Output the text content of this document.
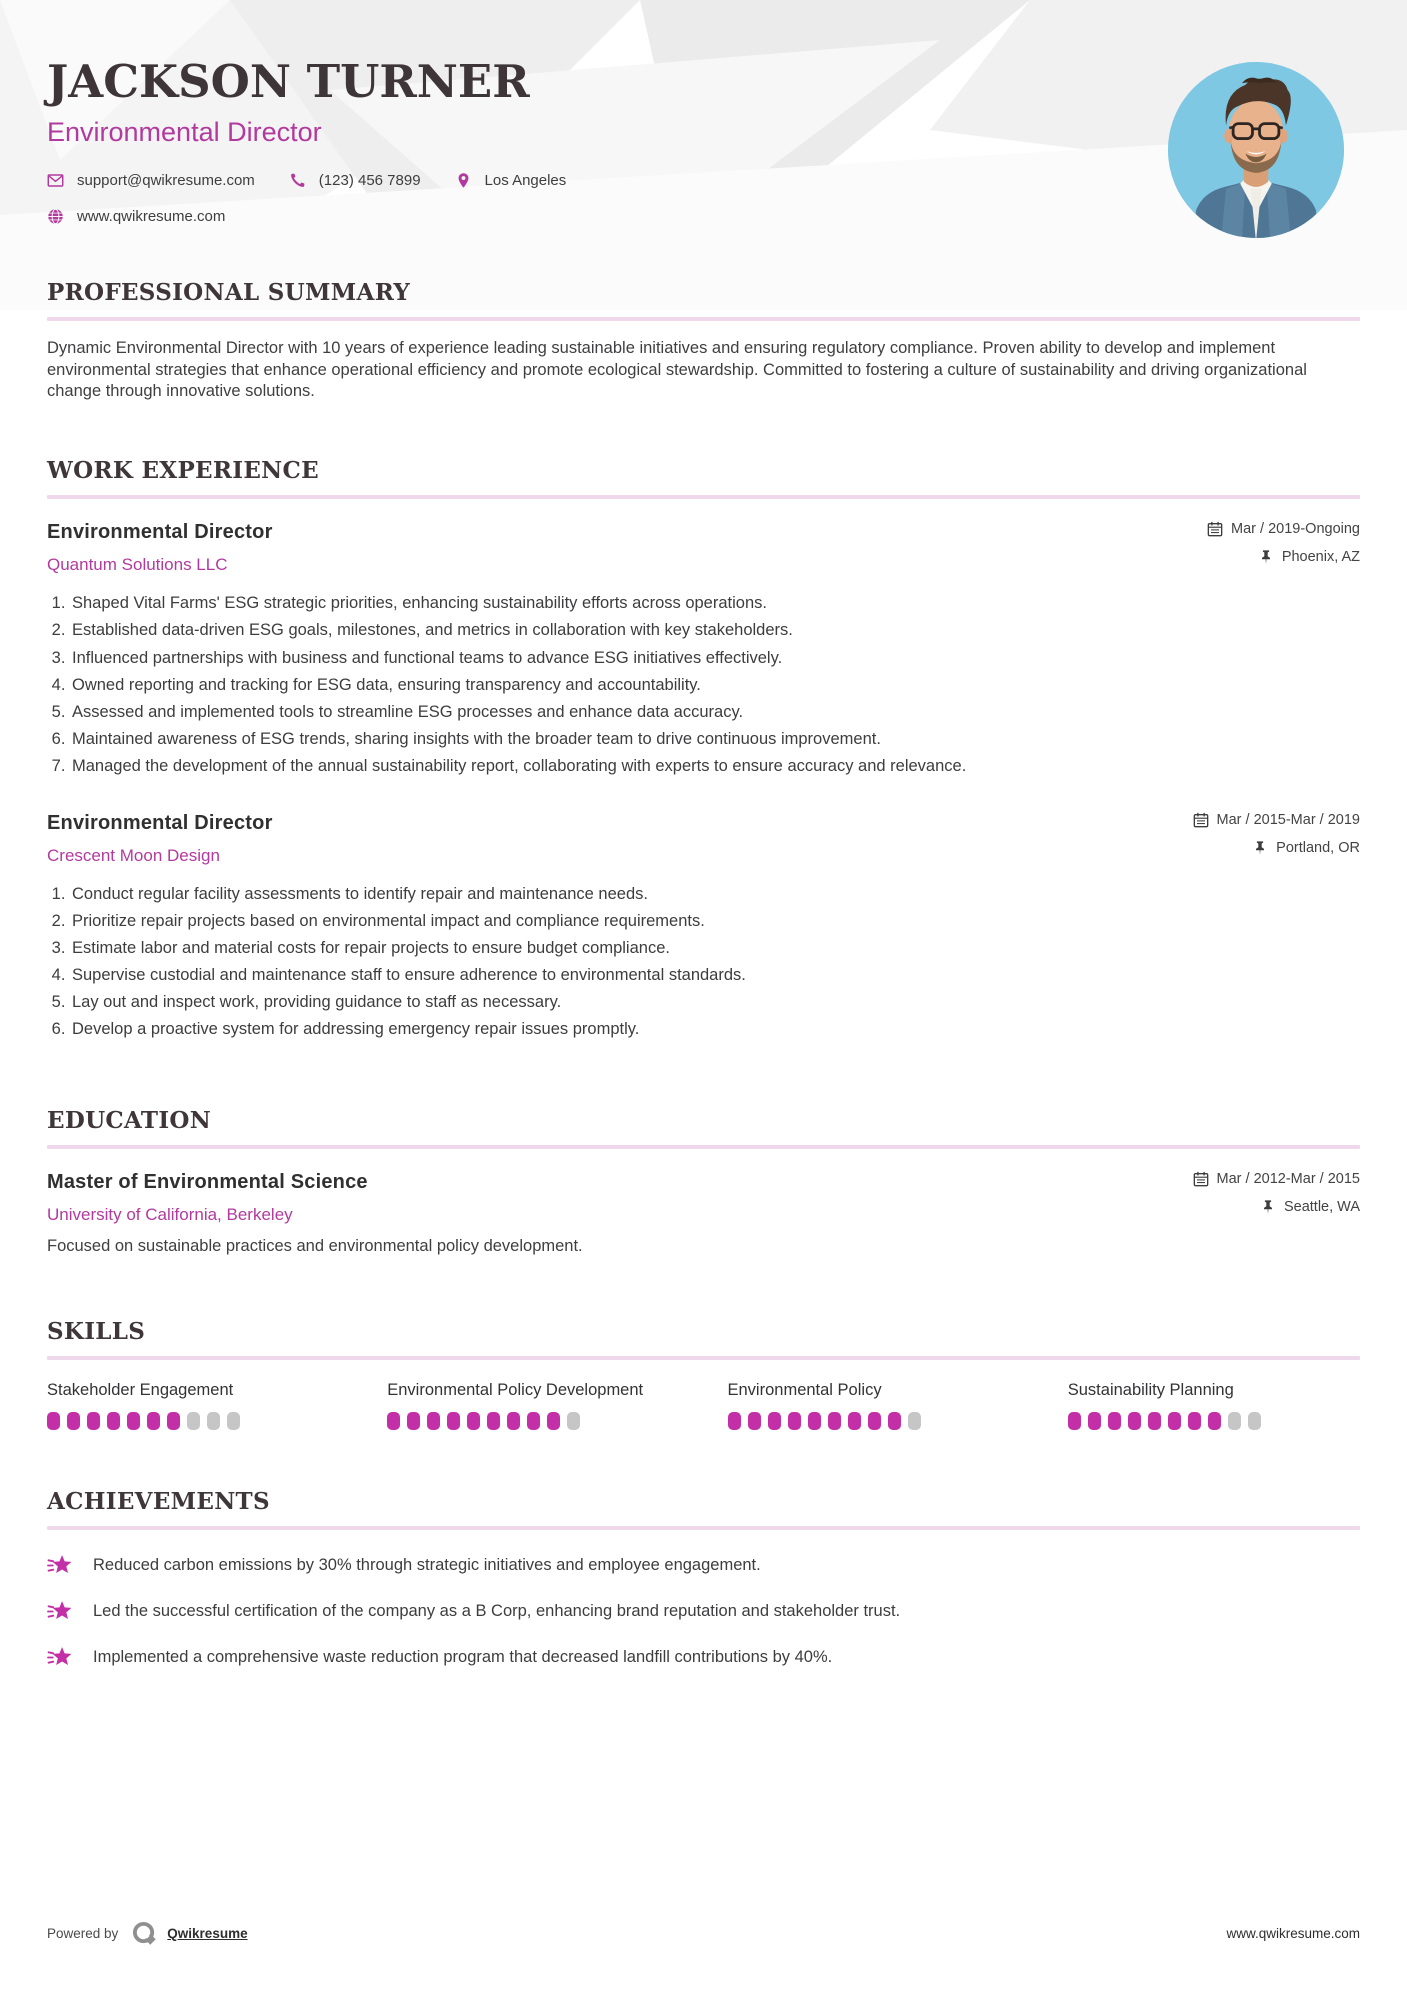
JACKSON TURNER
Environmental Director
support@qwikresume.com	(123) 456 7899	Los Angeles
www.qwikresume.com
PROFESSIONAL SUMMARY

Dynamic Environmental Director with 10 years of experience leading sustainable initiatives and ensuring regulatory compliance. Proven ability to develop and implement environmental strategies that enhance operational efficiency and promote ecological stewardship. Committed to fostering a culture of sustainability and driving organizational change through innovative solutions.

WORK EXPERIENCE
Environmental Director
Quantum Solutions LLC
Mar / 2019-Ongoing
Phoenix, AZ
1. Shaped Vital Farms' ESG strategic priorities, enhancing sustainability efforts across operations.
2. Established data-driven ESG goals, milestones, and metrics in collaboration with key stakeholders.
3. Influenced partnerships with business and functional teams to advance ESG initiatives effectively.
4. Owned reporting and tracking for ESG data, ensuring transparency and accountability.
5. Assessed and implemented tools to streamline ESG processes and enhance data accuracy.
6. Maintained awareness of ESG trends, sharing insights with the broader team to drive continuous improvement.
7. Managed the development of the annual sustainability report, collaborating with experts to ensure accuracy and relevance.
Environmental Director
Crescent Moon Design
Mar / 2015-Mar / 2019
Portland, OR
1. Conduct regular facility assessments to identify repair and maintenance needs.
2. Prioritize repair projects based on environmental impact and compliance requirements.
3. Estimate labor and material costs for repair projects to ensure budget compliance.
4. Supervise custodial and maintenance staff to ensure adherence to environmental standards.
5. Lay out and inspect work, providing guidance to staff as necessary.
6. Develop a proactive system for addressing emergency repair issues promptly.
EDUCATION
Master of Environmental Science
University of California, Berkeley
Mar / 2012-Mar / 2015
Seattle, WA

Focused on sustainable practices and environmental policy development.

SKILLS
Stakeholder Engagement	Environmental Policy Development	Environmental Policy	Sustainability Planning
ACHIEVEMENTS
Reduced carbon emissions by 30% through strategic initiatives and employee engagement.
Led the successful certification of the company as a B Corp, enhancing brand reputation and stakeholder trust.
Implemented a comprehensive waste reduction program that decreased landfill contributions by 40%.
Powered by	Qwikresume	www.qwikresume.com
